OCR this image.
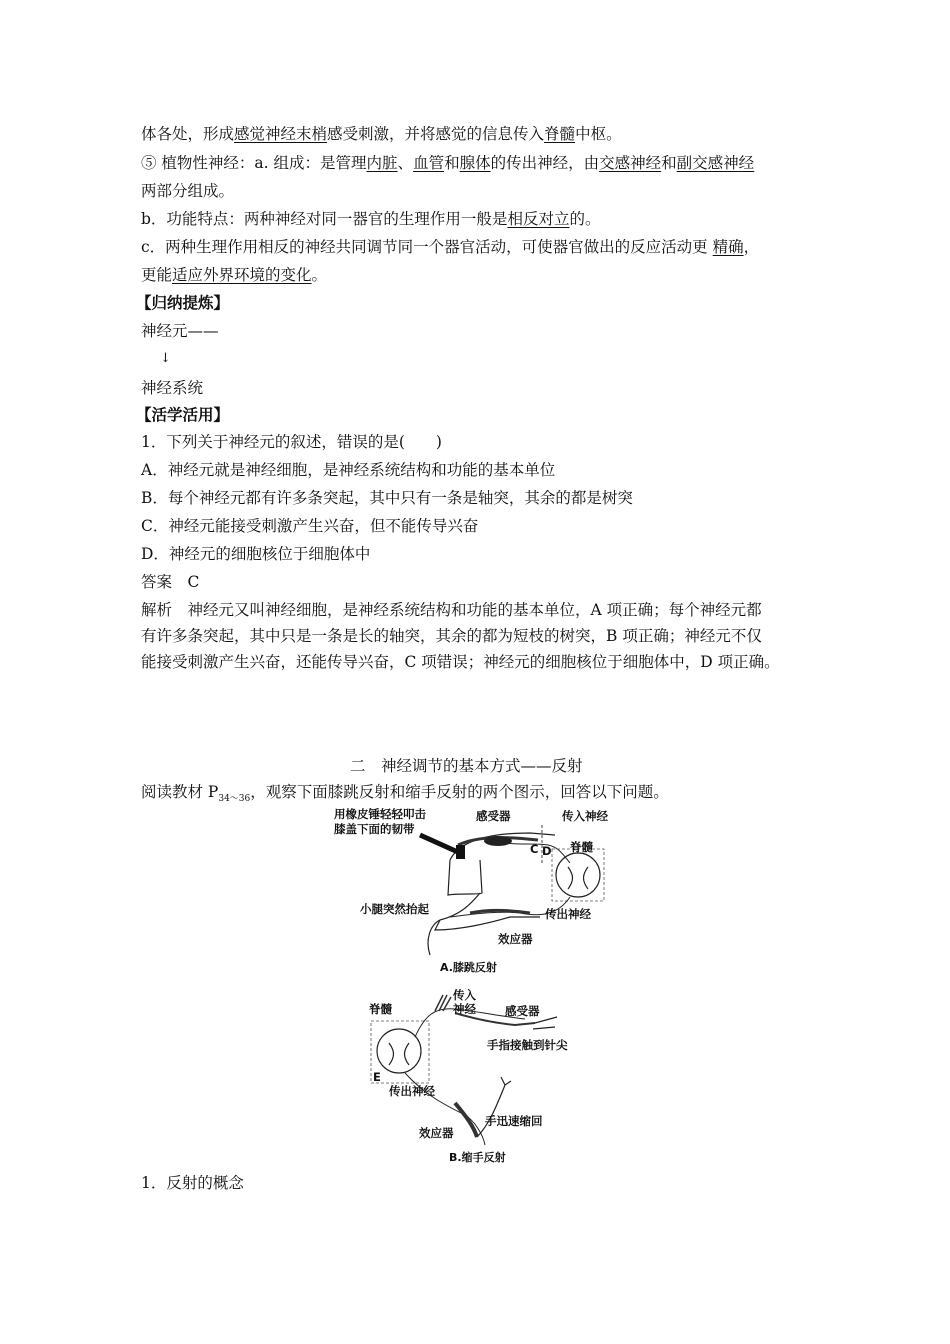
体各处，形成感觉神经末梢感受刺激，并将感觉的信息传入脊髓中枢。
⑤ 植物性神经：a. 组成：是管理内脏、血管和腺体的传出神经，由交感神经和副交感神经
两部分组成。
b．功能特点：两种神经对同一器官的生理作用一般是相反对立的。
c．两种生理作用相反的神经共同调节同一个器官活动，可使器官做出的反应活动更 精确，
更能适应外界环境的变化。
【归纳提炼】
神经元——
↓
神经系统
【活学活用】
1．下列关于神经元的叙述，错误的是(　　)
A．神经元就是神经细胞，是神经系统结构和功能的基本单位
B．每个神经元都有许多条突起，其中只有一条是轴突，其余的都是树突
C．神经元能接受刺激产生兴奋，但不能传导兴奋
D．神经元的细胞核位于细胞体中
答案　C
解析　神经元又叫神经细胞，是神经系统结构和功能的基本单位，A 项正确；每个神经元都
有许多条突起，其中只是一条是长的轴突，其余的都为短枝的树突，B 项正确；神经元不仅
能接受刺激产生兴奋，还能传导兴奋，C 项错误；神经元的细胞核位于细胞体中，D 项正确。
二　神经调节的基本方式——反射
阅读教材 $P_{34\sim 36}$，观察下面膝跳反射和缩手反射的两个图示，回答以下问题。
用橡皮锤轻轻叩击
膝盖下面的韧带
感受器	传入神经
C D 脊髓
小腿突然抬起	传出神经
效应器
A.膝跳反射
脊髓
传入
神经	感受器
手指接触到针尖
E
传出神经
效应器
手迅速缩回
B.缩手反射
1．反射的概念
